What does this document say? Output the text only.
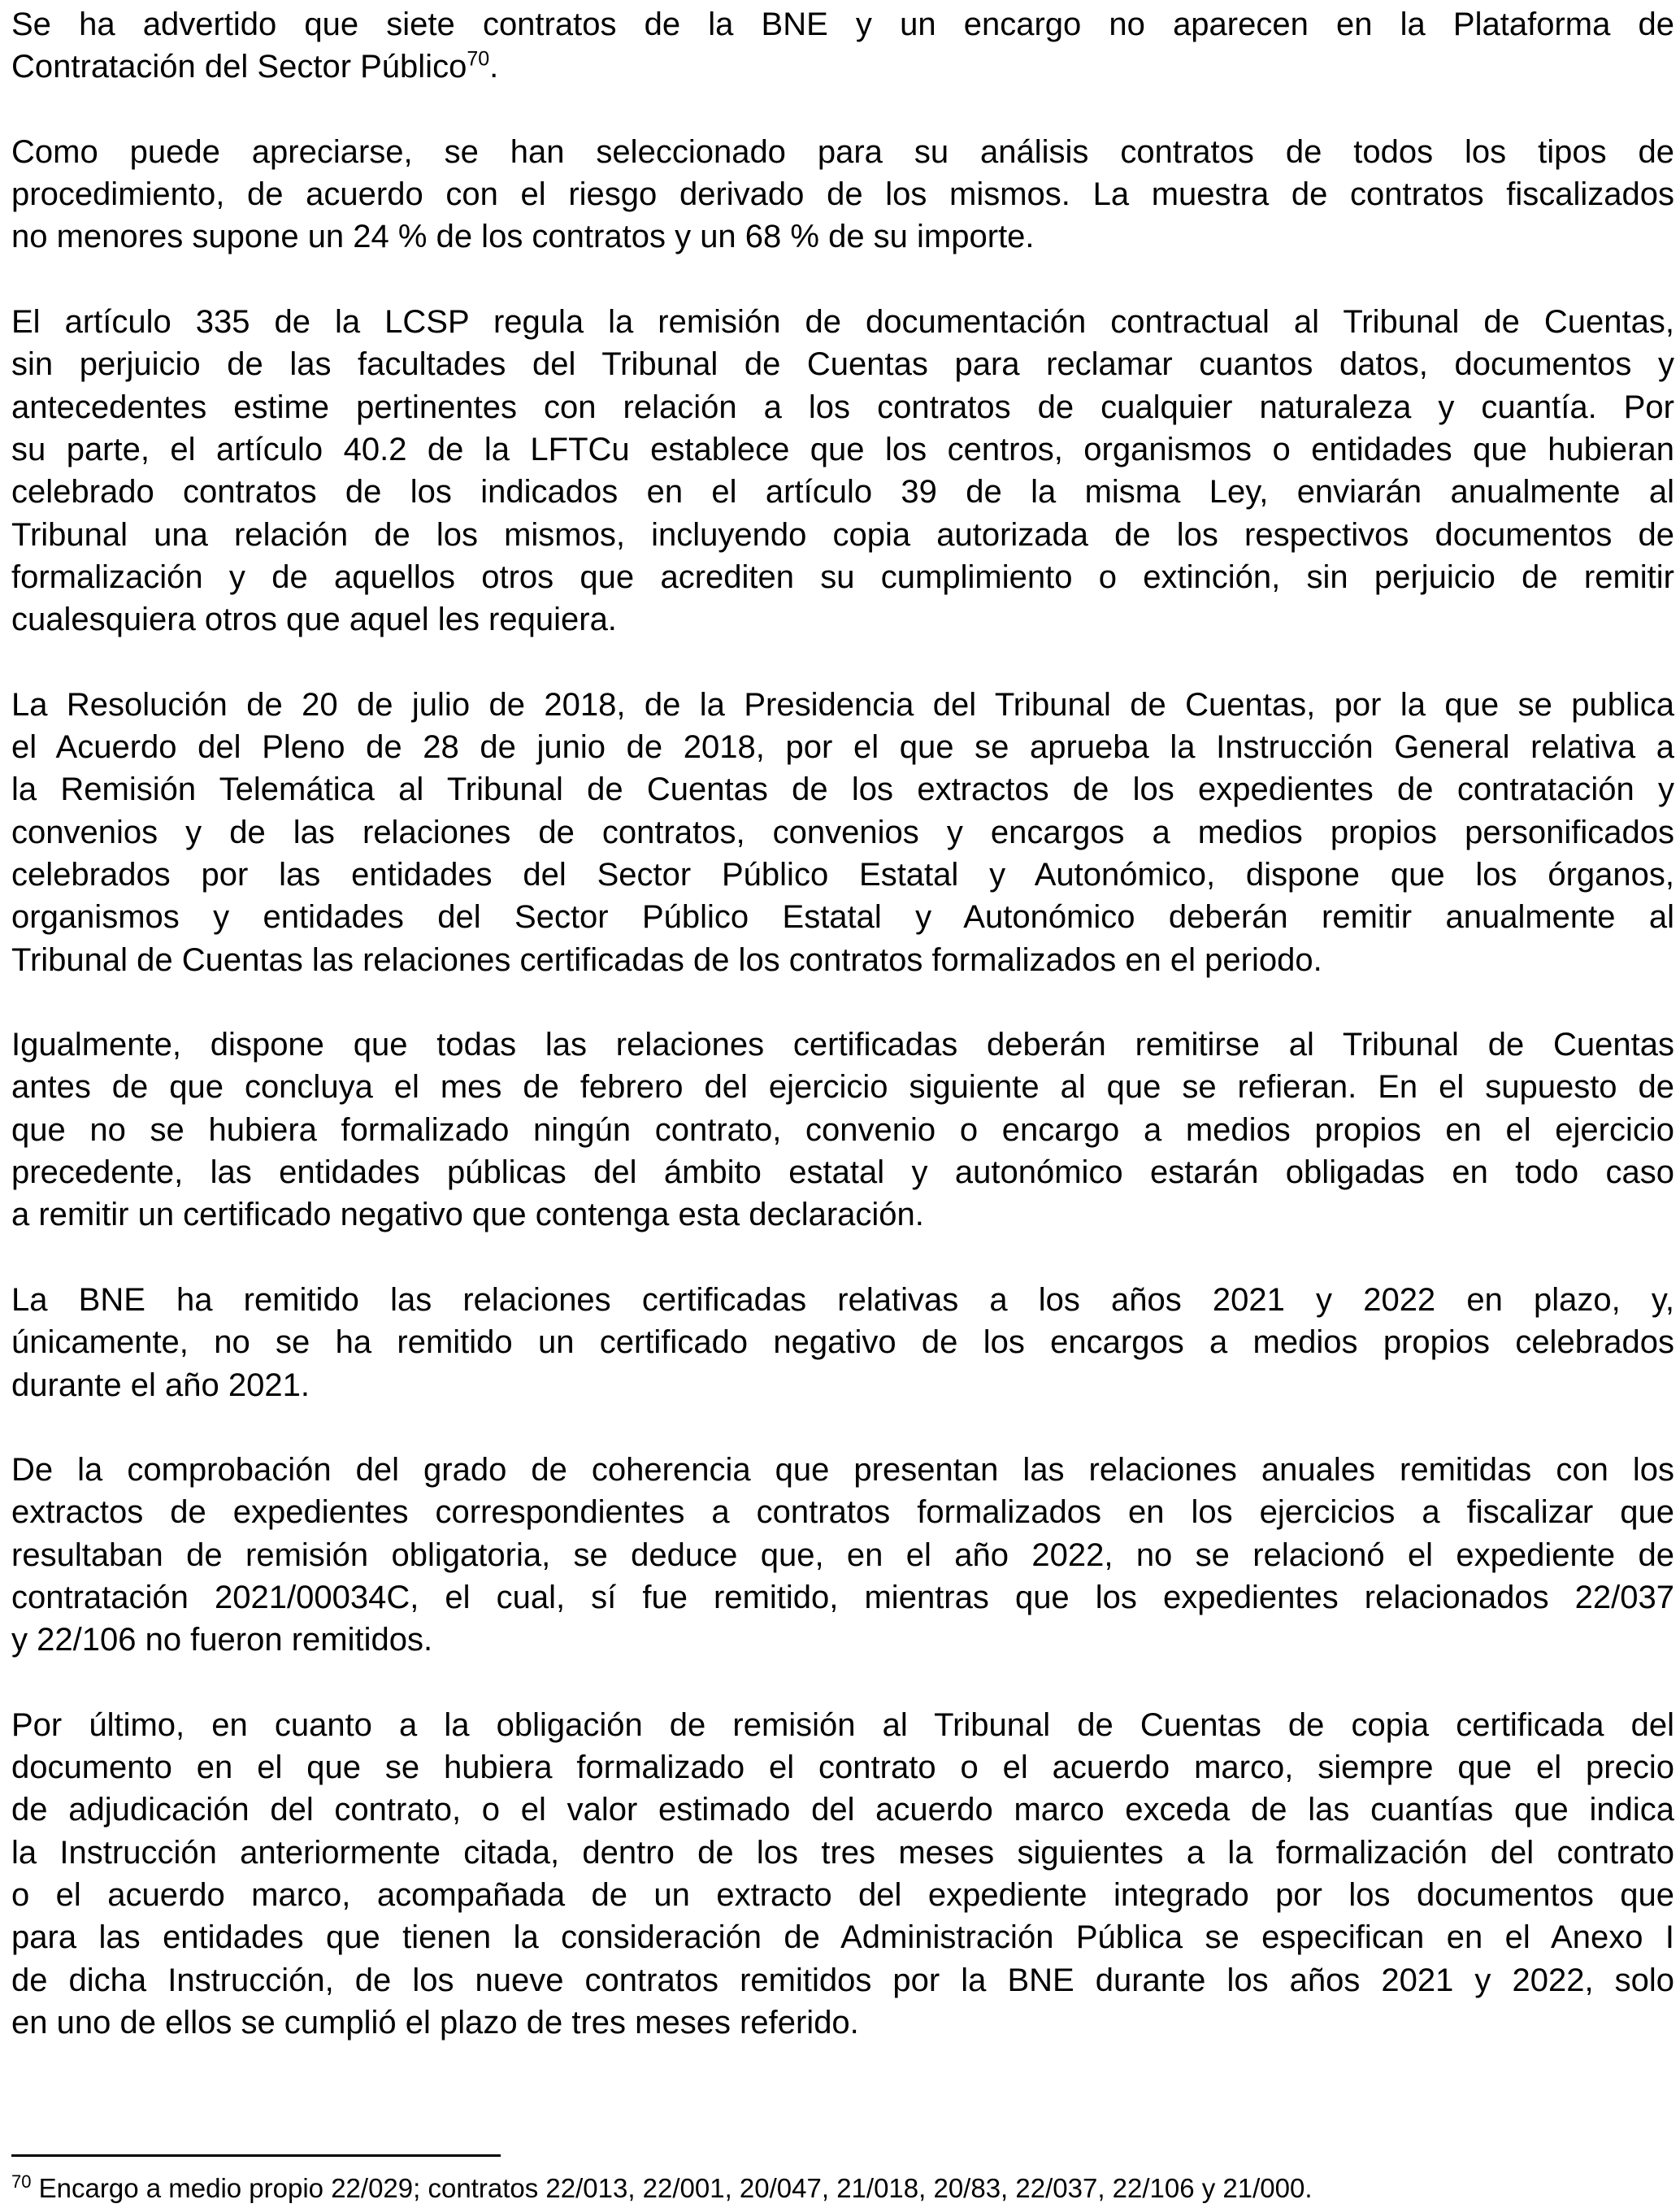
Se ha advertido que siete contratos de la BNE y un encargo no aparecen en la Plataforma de
Contratación del Sector Público$^{70}$.
Como puede apreciarse, se han seleccionado para su análisis contratos de todos los tipos de
procedimiento, de acuerdo con el riesgo derivado de los mismos. La muestra de contratos fiscalizados
no menores supone un 24 % de los contratos y un 68 % de su importe.
El artículo 335 de la LCSP regula la remisión de documentación contractual al Tribunal de Cuentas,
sin perjuicio de las facultades del Tribunal de Cuentas para reclamar cuantos datos, documentos y
antecedentes estime pertinentes con relación a los contratos de cualquier naturaleza y cuantía. Por
su parte, el artículo 40.2 de la LFTCu establece que los centros, organismos o entidades que hubieran
celebrado contratos de los indicados en el artículo 39 de la misma Ley, enviarán anualmente al
Tribunal una relación de los mismos, incluyendo copia autorizada de los respectivos documentos de
formalización y de aquellos otros que acrediten su cumplimiento o extinción, sin perjuicio de remitir
cualesquiera otros que aquel les requiera.
La Resolución de 20 de julio de 2018, de la Presidencia del Tribunal de Cuentas, por la que se publica
el Acuerdo del Pleno de 28 de junio de 2018, por el que se aprueba la Instrucción General relativa a
la Remisión Telemática al Tribunal de Cuentas de los extractos de los expedientes de contratación y
convenios y de las relaciones de contratos, convenios y encargos a medios propios personificados
celebrados por las entidades del Sector Público Estatal y Autonómico, dispone que los órganos,
organismos y entidades del Sector Público Estatal y Autonómico deberán remitir anualmente al
Tribunal de Cuentas las relaciones certificadas de los contratos formalizados en el periodo.
Igualmente, dispone que todas las relaciones certificadas deberán remitirse al Tribunal de Cuentas
antes de que concluya el mes de febrero del ejercicio siguiente al que se refieran. En el supuesto de
que no se hubiera formalizado ningún contrato, convenio o encargo a medios propios en el ejercicio
precedente, las entidades públicas del ámbito estatal y autonómico estarán obligadas en todo caso
a remitir un certificado negativo que contenga esta declaración.
La BNE ha remitido las relaciones certificadas relativas a los años 2021 y 2022 en plazo, y,
únicamente, no se ha remitido un certificado negativo de los encargos a medios propios celebrados
durante el año 2021.
De la comprobación del grado de coherencia que presentan las relaciones anuales remitidas con los
extractos de expedientes correspondientes a contratos formalizados en los ejercicios a fiscalizar que
resultaban de remisión obligatoria, se deduce que, en el año 2022, no se relacionó el expediente de
contratación 2021/00034C, el cual, sí fue remitido, mientras que los expedientes relacionados 22/037
y 22/106 no fueron remitidos.
Por último, en cuanto a la obligación de remisión al Tribunal de Cuentas de copia certificada del
documento en el que se hubiera formalizado el contrato o el acuerdo marco, siempre que el precio
de adjudicación del contrato, o el valor estimado del acuerdo marco exceda de las cuantías que indica
la Instrucción anteriormente citada, dentro de los tres meses siguientes a la formalización del contrato
o el acuerdo marco, acompañada de un extracto del expediente integrado por los documentos que
para las entidades que tienen la consideración de Administración Pública se especifican en el Anexo I
de dicha Instrucción, de los nueve contratos remitidos por la BNE durante los años 2021 y 2022, solo
en uno de ellos se cumplió el plazo de tres meses referido.
$^{70}$ Encargo a medio propio 22/029; contratos 22/013, 22/001, 20/047, 21/018, 20/83, 22/037, 22/106 y 21/000.
